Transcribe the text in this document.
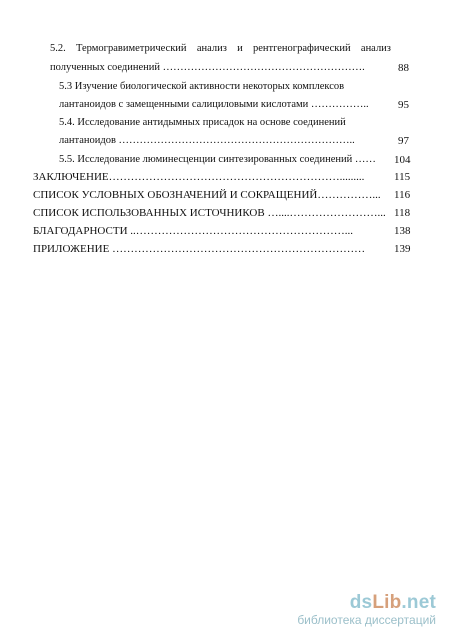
5.2. Термогравиметрический анализ и рентгенографический анализ
полученных соединений ………………………………………………….	88
5.3 Изучение биологической активности некоторых комплексов
лантаноидов с замещенными салициловыми кислотами ……………..	95
5.4. Исследование антидымных присадок на основе соединений
лантаноидов …………………………………………………………..	97
5.5. Исследование люминесценции синтезированных соединений …… 104
ЗАКЛЮЧЕНИЕ……………………………………………………….........	115
СПИСОК УСЛОВНЫХ ОБОЗНАЧЕНИЙ И СОКРАЩЕНИЙ……………... 116
СПИСОК ИСПОЛЬЗОВАННЫХ ИСТОЧНИКОВ …....……………………... 118
БЛАГОДАРНОСТИ ..…………………………………………………...	138
ПРИЛОЖЕНИЕ ……………………………………………………………	139
dsLib.net
библиотека диссертаций
